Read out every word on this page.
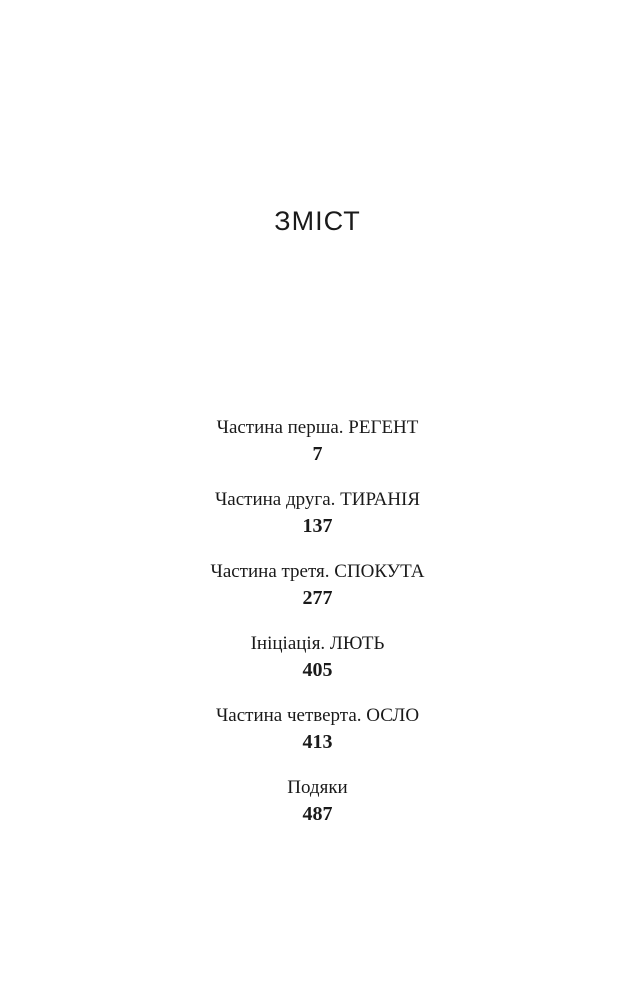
ЗМІСТ
Частина перша. РЕГЕНТ
7
Частина друга. ТИРАНІЯ
137
Частина третя. СПОКУТА
277
Ініціація. ЛЮТЬ
405
Частина четверта. ОСЛО
413
Подяки
487
